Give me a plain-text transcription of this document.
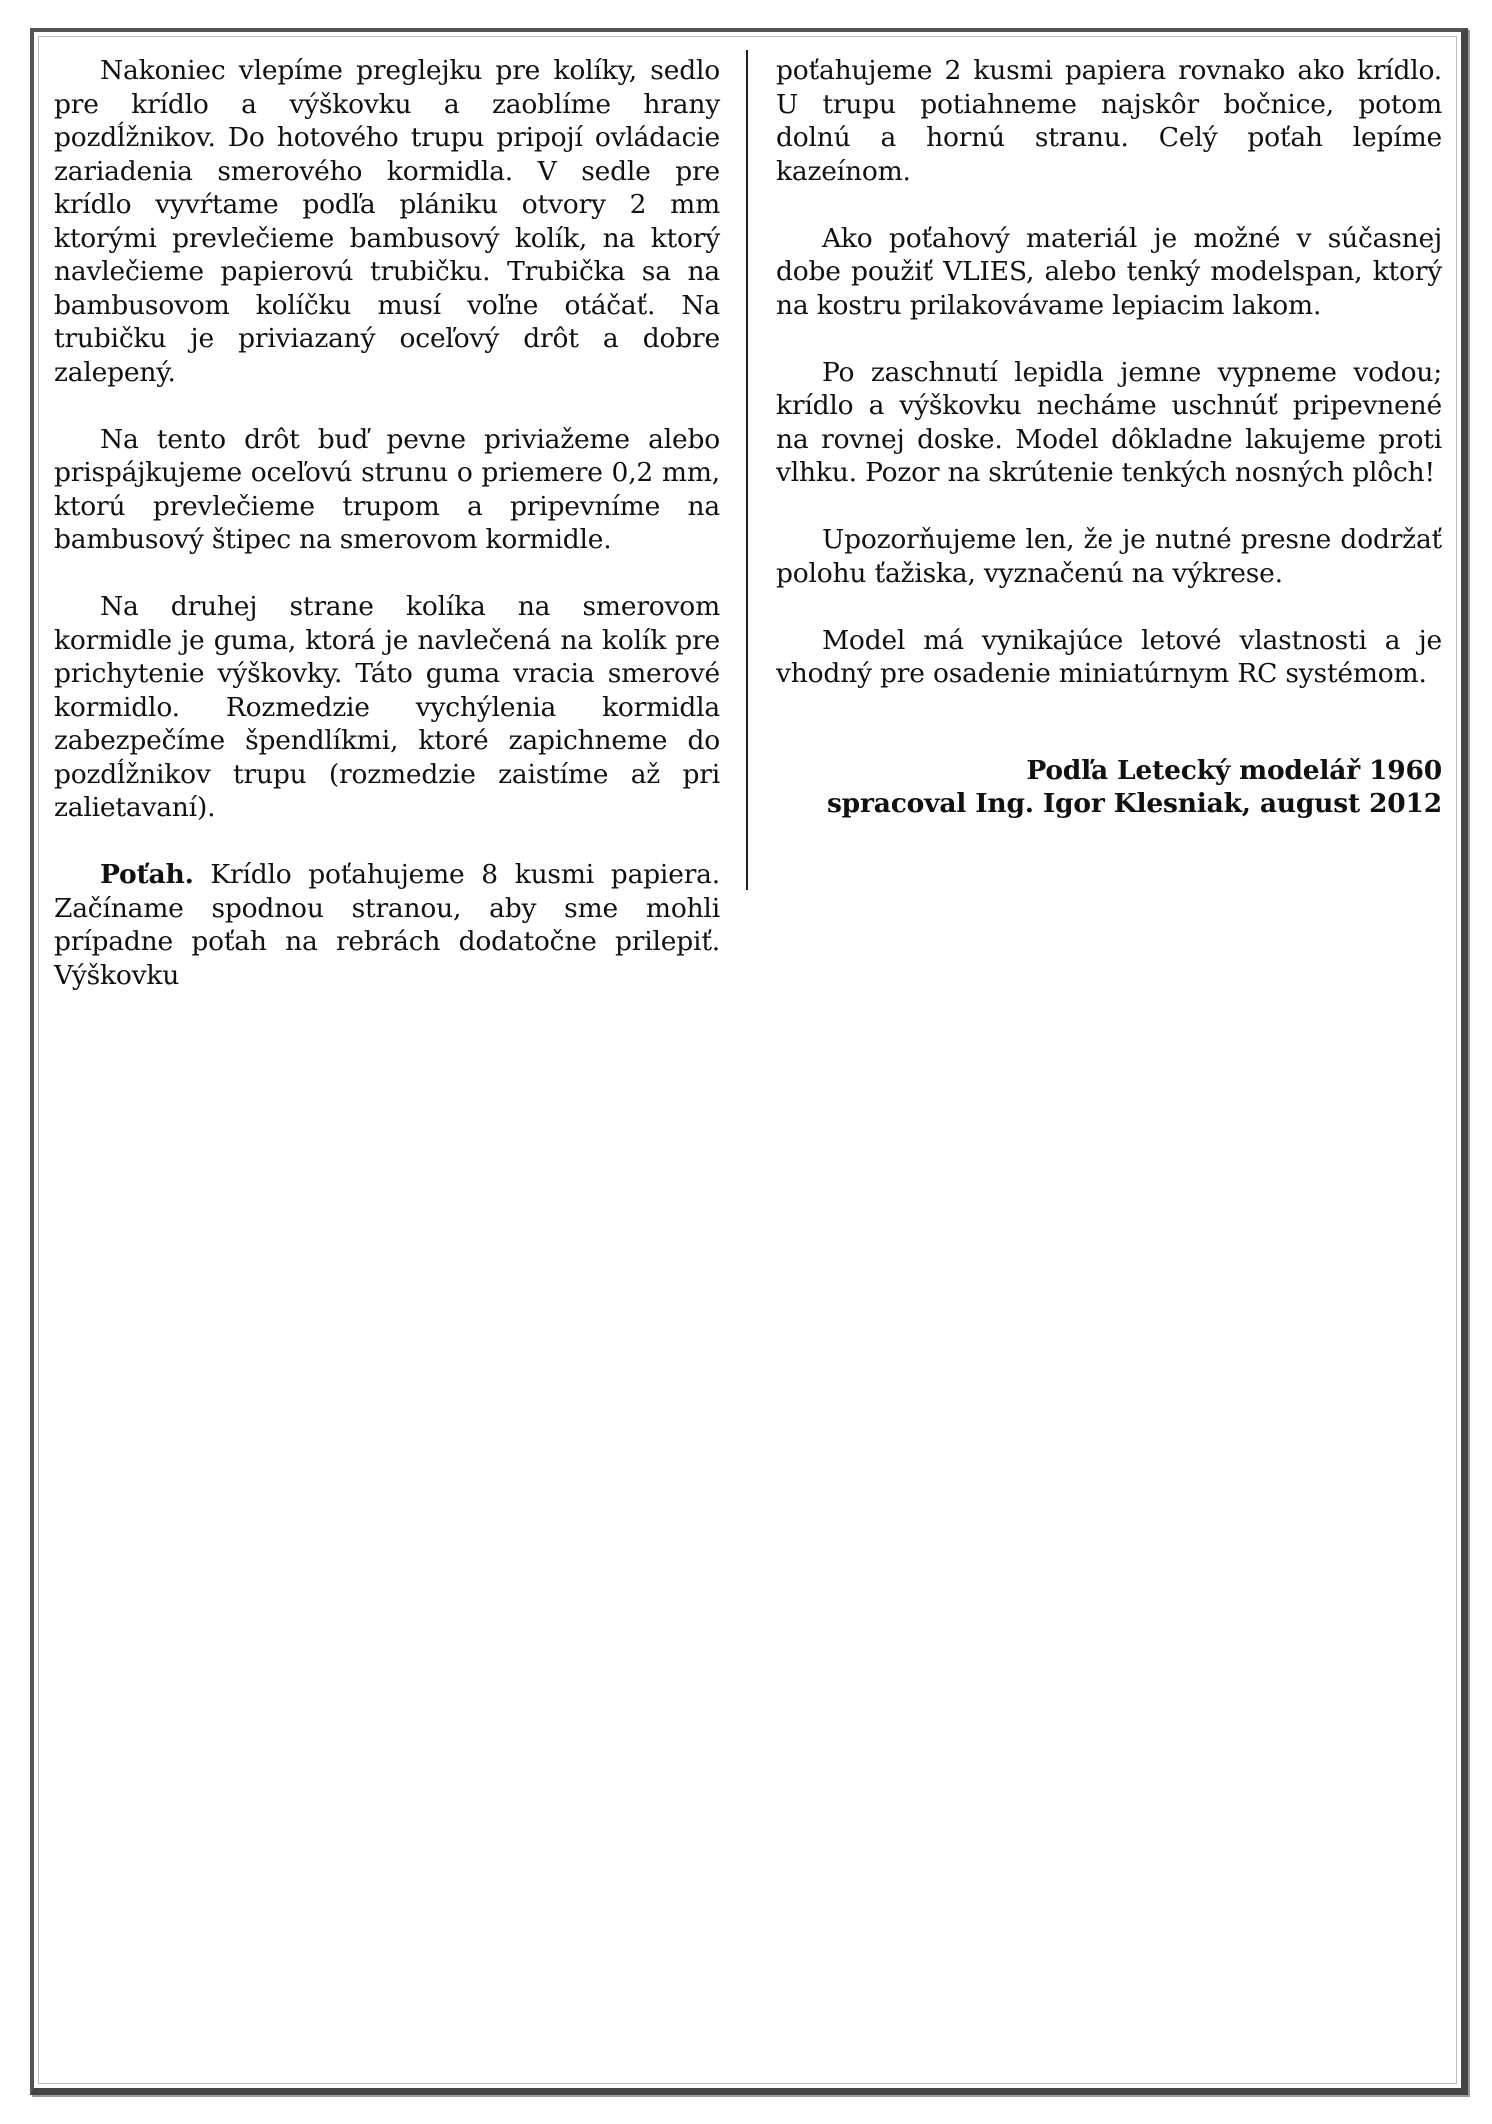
Nakoniec vlepíme preglejku pre kolíky, sedlo pre krídlo a výškovku a zaoblíme hrany pozdĺžnikov. Do hotového trupu pripojí ovládacie zariadenia smerového kormidla. V sedle pre krídlo vyvŕtame podľa plániku otvory 2 mm ktorými prevlečieme bambusový kolík, na ktorý navlečieme papierovú trubičku. Trubička sa na bambusovom kolíčku musí voľne otáčať. Na trubičku je priviazaný oceľový drôt a dobre zalepený.

Na tento drôt buď pevne priviažeme alebo prispájkujeme oceľovú strunu o priemere 0,2 mm, ktorú prevlečieme trupom a pripevníme na bambusový štipec na smerovom kormidle.

Na druhej strane kolíka na smerovom kormidle je guma, ktorá je navlečená na kolík pre prichytenie výškovky. Táto guma vracia smerové kormidlo. Rozmedzie vychýlenia kormidla zabezpečíme špendlíkmi, ktoré zapichneme do pozdĺžnikov trupu (rozmedzie zaistíme až pri zalietavaní).

Poťah. Krídlo poťahujeme 8 kusmi papiera. Začíname spodnou stranou, aby sme mohli prípadne poťah na rebrách dodatočne prilepiť. Výškovku

poťahujeme 2 kusmi papiera rovnako ako krídlo. U trupu potiahneme najskôr bočnice, potom dolnú a hornú stranu. Celý poťah lepíme kazeínom.

Ako poťahový materiál je možné v súčasnej dobe použiť VLIES, alebo tenký modelspan, ktorý na kostru prilakovávame lepiacim lakom.

Po zaschnutí lepidla jemne vypneme vodou; krídlo a výškovku necháme uschnúť pripevnené na rovnej doske. Model dôkladne lakujeme proti vlhku. Pozor na skrútenie tenkých nosných plôch!

Upozorňujeme len, že je nutné presne dodržať polohu ťažiska, vyznačenú na výkrese.

Model má vynikajúce letové vlastnosti a je vhodný pre osadenie miniatúrnym RC systémom.

Podľa Letecký modelář 1960
spracoval Ing. Igor Klesniak, august 2012
